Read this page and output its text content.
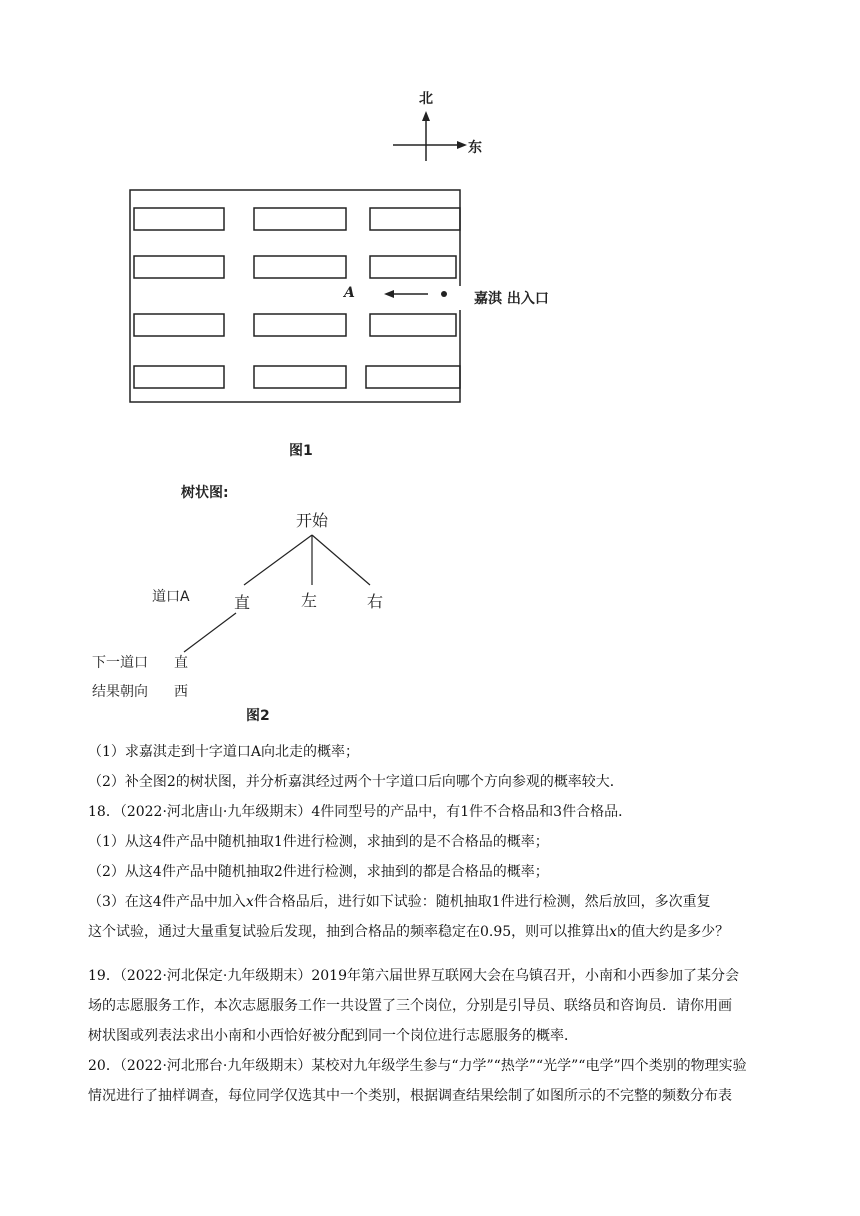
北
东
A	嘉淇 出入口
图1
树状图:
开始
道口A	直	左	右
下一道口 直
结果朝向 西
图2
（1）求嘉淇走到十字道口A向北走的概率；
（2）补全图2的树状图，并分析嘉淇经过两个十字道口后向哪个方向参观的概率较大．
18．（2022·河北唐山·九年级期末）4件同型号的产品中，有1件不合格品和3件合格品．
（1）从这4件产品中随机抽取1件进行检测，求抽到的是不合格品的概率；
（2）从这4件产品中随机抽取2件进行检测，求抽到的都是合格品的概率；
（3）在这4件产品中加入x件合格品后，进行如下试验：随机抽取1件进行检测，然后放回，多次重复
这个试验，通过大量重复试验后发现，抽到合格品的频率稳定在0.95，则可以推算出x的值大约是多少？
19．（2022·河北保定·九年级期末）2019年第六届世界互联网大会在乌镇召开，小南和小西参加了某分会
场的志愿服务工作，本次志愿服务工作一共设置了三个岗位，分别是引导员、联络员和咨询员．请你用画
树状图或列表法求出小南和小西恰好被分配到同一个岗位进行志愿服务的概率．
20．（2022·河北邢台·九年级期末）某校对九年级学生参与“力学”“热学”“光学”“电学”四个类别的物理实验
情况进行了抽样调查，每位同学仅选其中一个类别，根据调查结果绘制了如图所示的不完整的频数分布表
